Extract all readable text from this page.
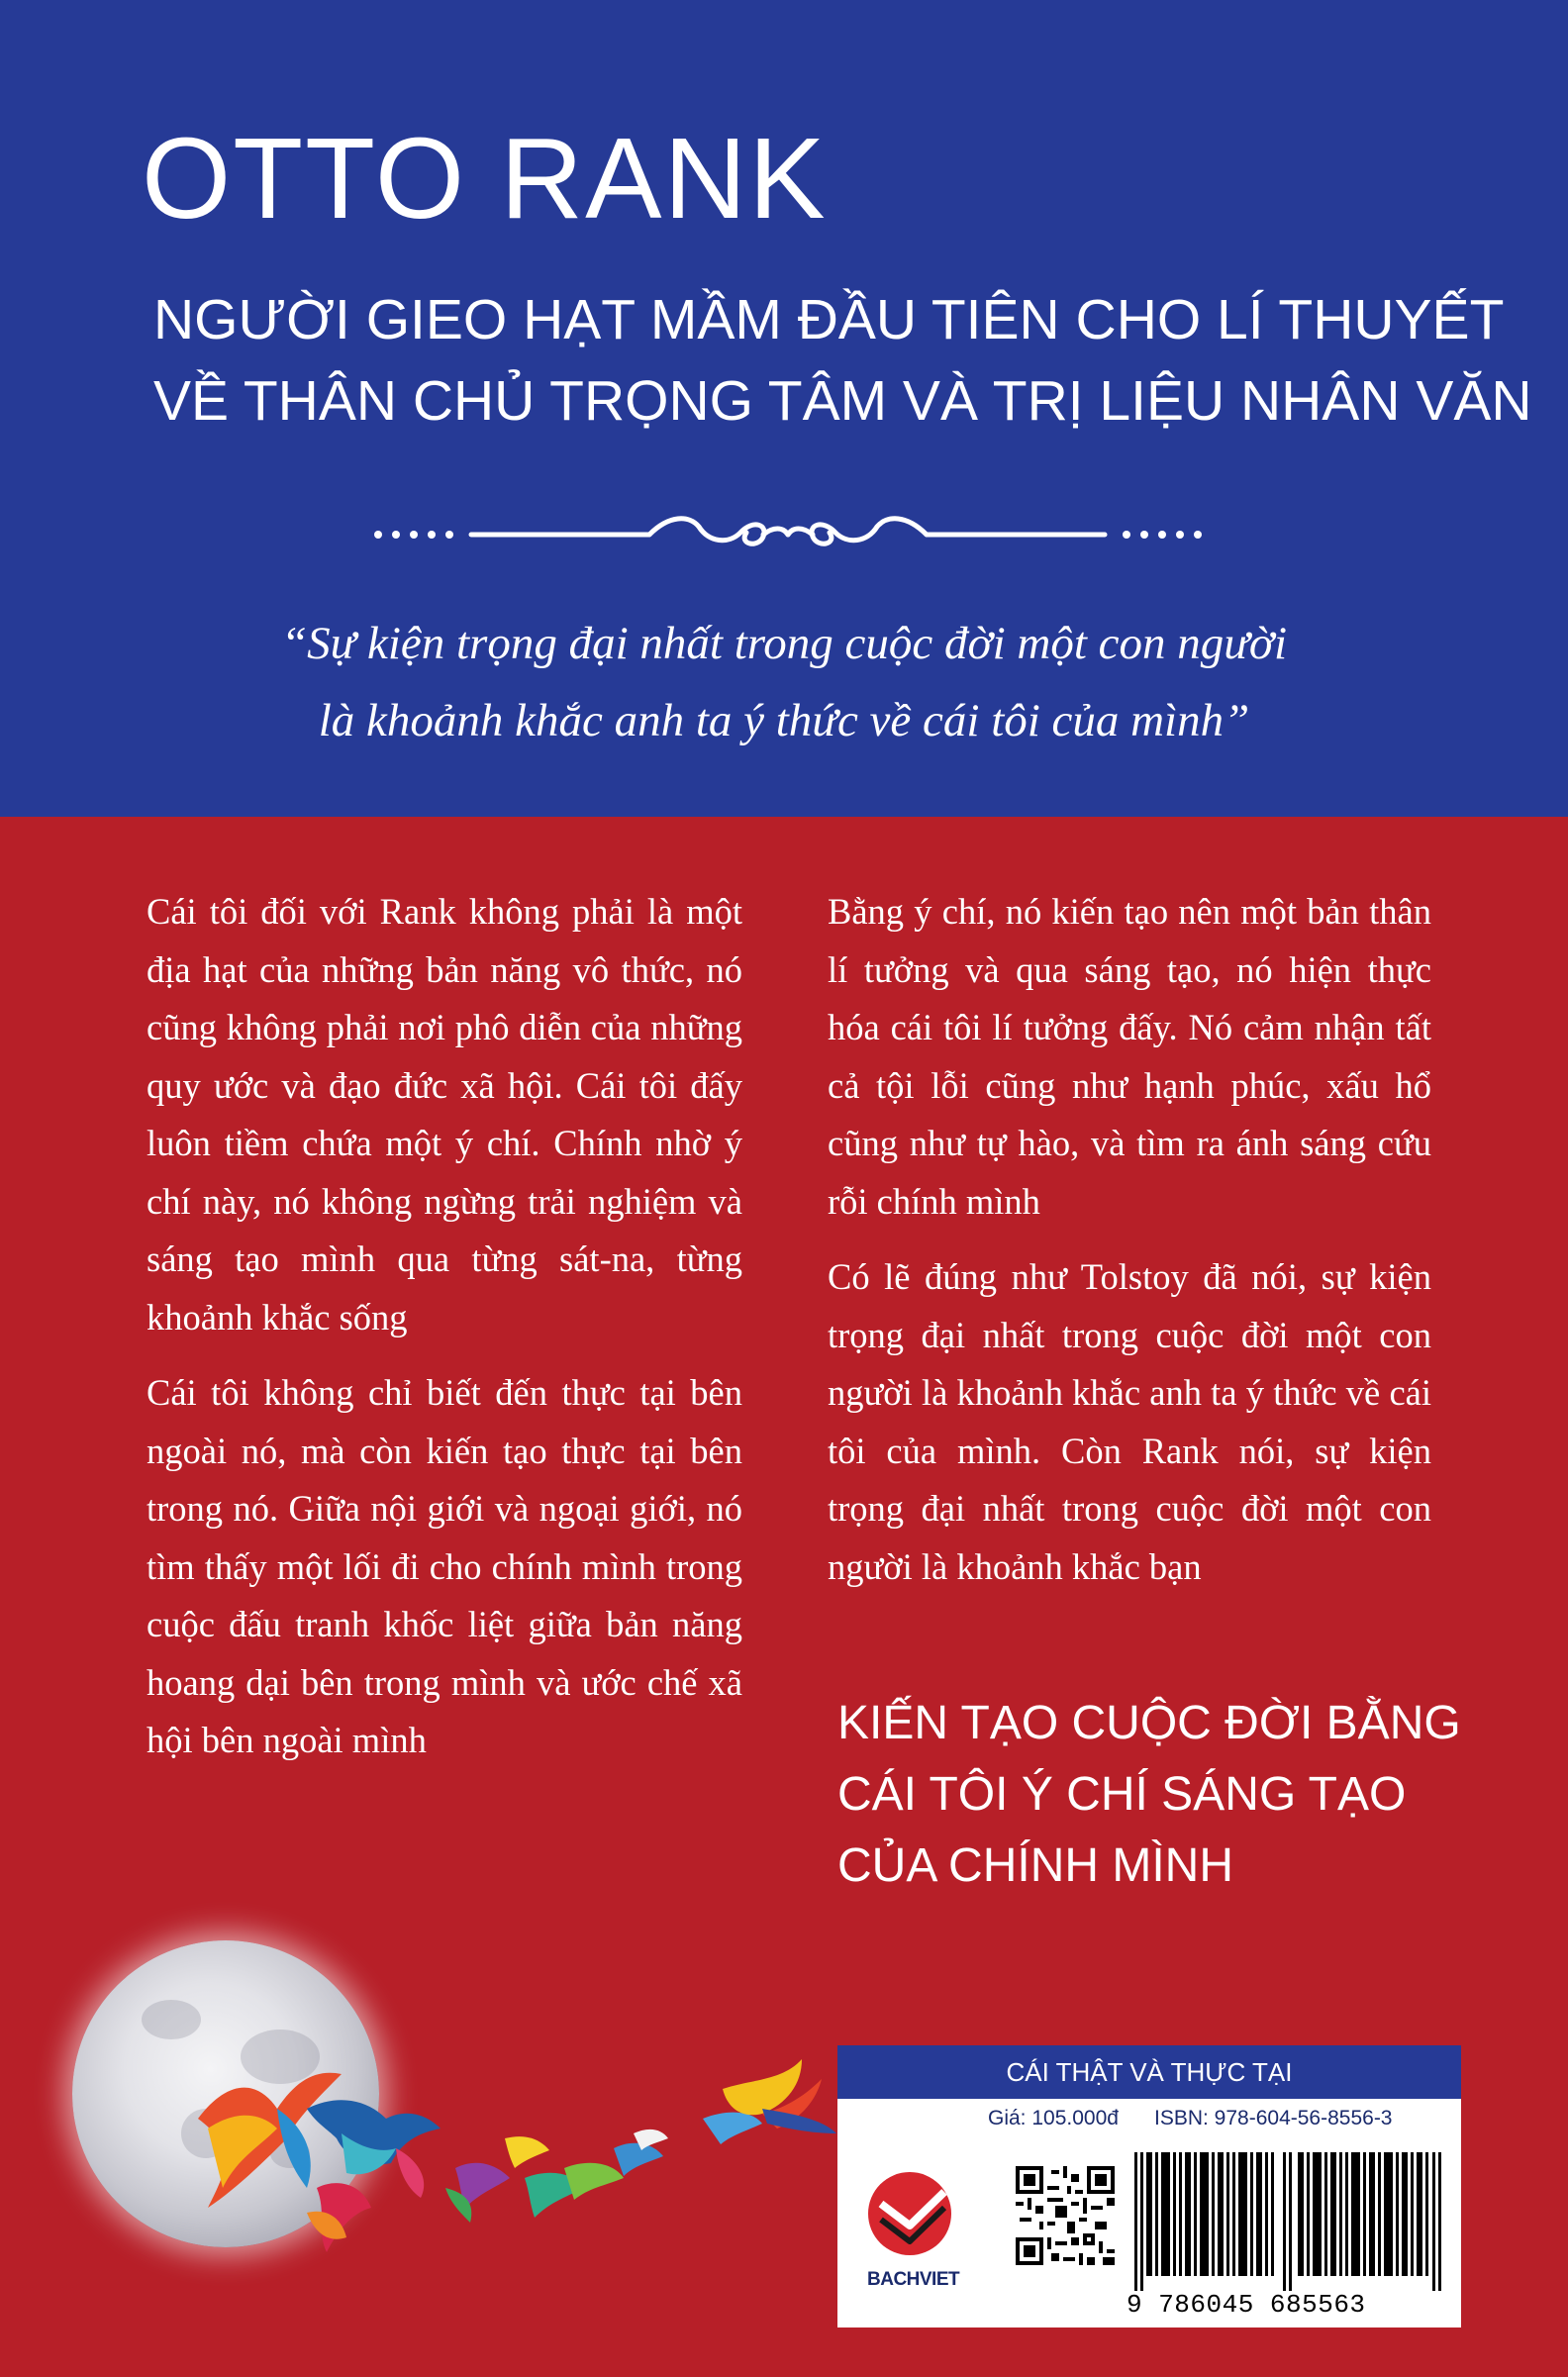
OTTO RANK
NGƯỜI GIEO HẠT MẦM ĐẦU TIÊN CHO LÍ THUYẾT
VỀ THÂN CHỦ TRỌNG TÂM VÀ TRỊ LIỆU NHÂN VĂN
“Sự kiện trọng đại nhất trong cuộc đời một con người
là khoảnh khắc anh ta ý thức về cái tôi của mình”

Cái tôi đối với Rank không phải là một địa hạt của những bản năng vô thức, nó cũng không phải nơi phô diễn của những quy ước và đạo đức xã hội. Cái tôi đấy luôn tiềm chứa một ý chí. Chính nhờ ý chí này, nó không ngừng trải nghiệm và sáng tạo mình qua từng sát-na, từng khoảnh khắc sống

Cái tôi không chỉ biết đến thực tại bên ngoài nó, mà còn kiến tạo thực tại bên trong nó. Giữa nội giới và ngoại giới, nó tìm thấy một lối đi cho chính mình trong cuộc đấu tranh khốc liệt giữa bản năng hoang dại bên trong mình và ước chế xã hội bên ngoài mình

Bằng ý chí, nó kiến tạo nên một bản thân lí tưởng và qua sáng tạo, nó hiện thực hóa cái tôi lí tưởng đấy. Nó cảm nhận tất cả tội lỗi cũng như hạnh phúc, xấu hổ cũng như tự hào, và tìm ra ánh sáng cứu rỗi chính mình

Có lẽ đúng như Tolstoy đã nói, sự kiện trọng đại nhất trong cuộc đời một con người là khoảnh khắc anh ta ý thức về cái tôi của mình. Còn Rank nói, sự kiện trọng đại nhất trong cuộc đời một con người là khoảnh khắc bạn

KIẾN TẠO CUỘC ĐỜI BẰNG
CÁI TÔI Ý CHÍ SÁNG TẠO
CỦA CHÍNH MÌNH
CÁI THẬT VÀ THỰC TẠI
Giá: 105.000đ ISBN: 978-604-56-8556-3
BACHVIET
9 786045 685563
